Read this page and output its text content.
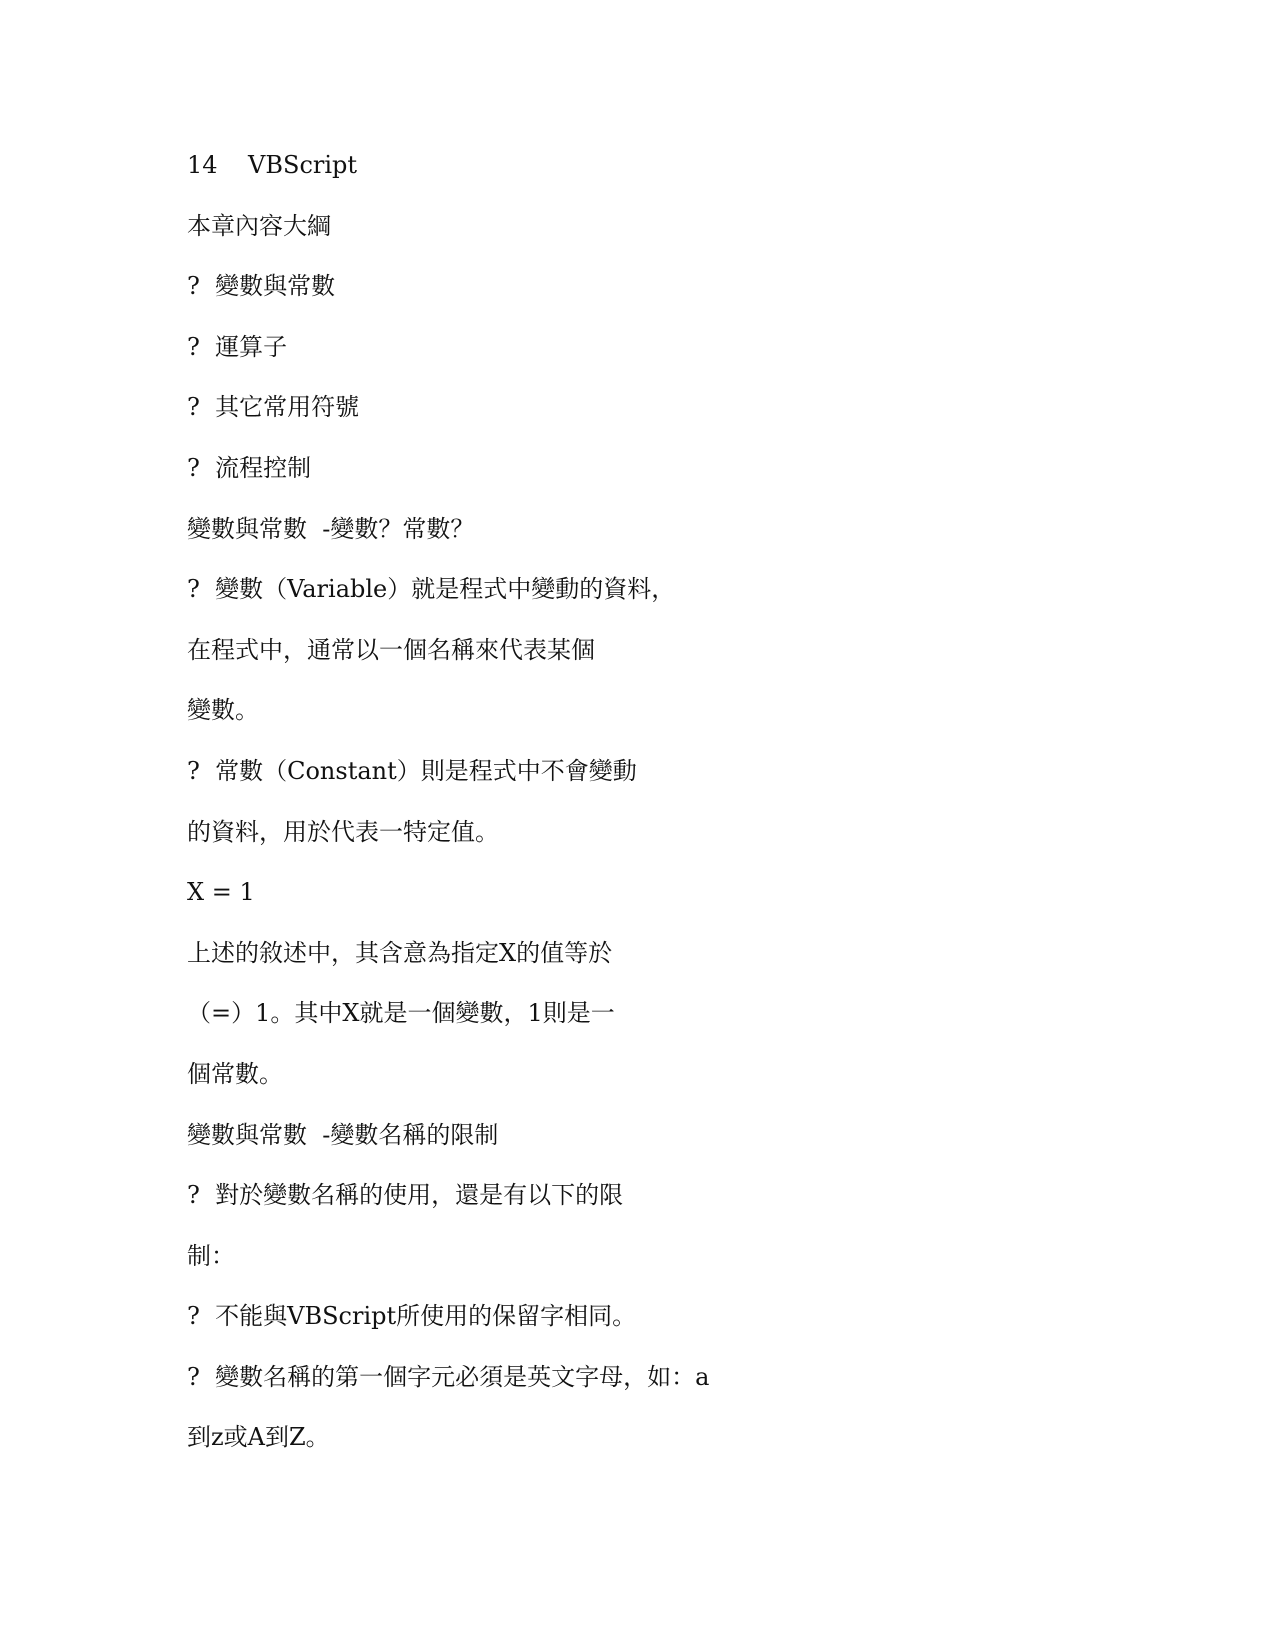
14    VBScript
本章內容大綱
?  變數與常數
?  運算子
?  其它常用符號
?  流程控制
變數與常數  -變數？常數？
?  變數（Variable）就是程式中變動的資料，
在程式中，通常以一個名稱來代表某個
變數。
?  常數（Constant）則是程式中不會變動
的資料，用於代表一特定值。
X = 1
上述的敘述中，其含意為指定X的值等於
（=）1。其中X就是一個變數，1則是一
個常數。
變數與常數  -變數名稱的限制
?  對於變數名稱的使用，還是有以下的限
制：
?  不能與VBScript所使用的保留字相同。
?  變數名稱的第一個字元必須是英文字母，如：a
到z或A到Z。
